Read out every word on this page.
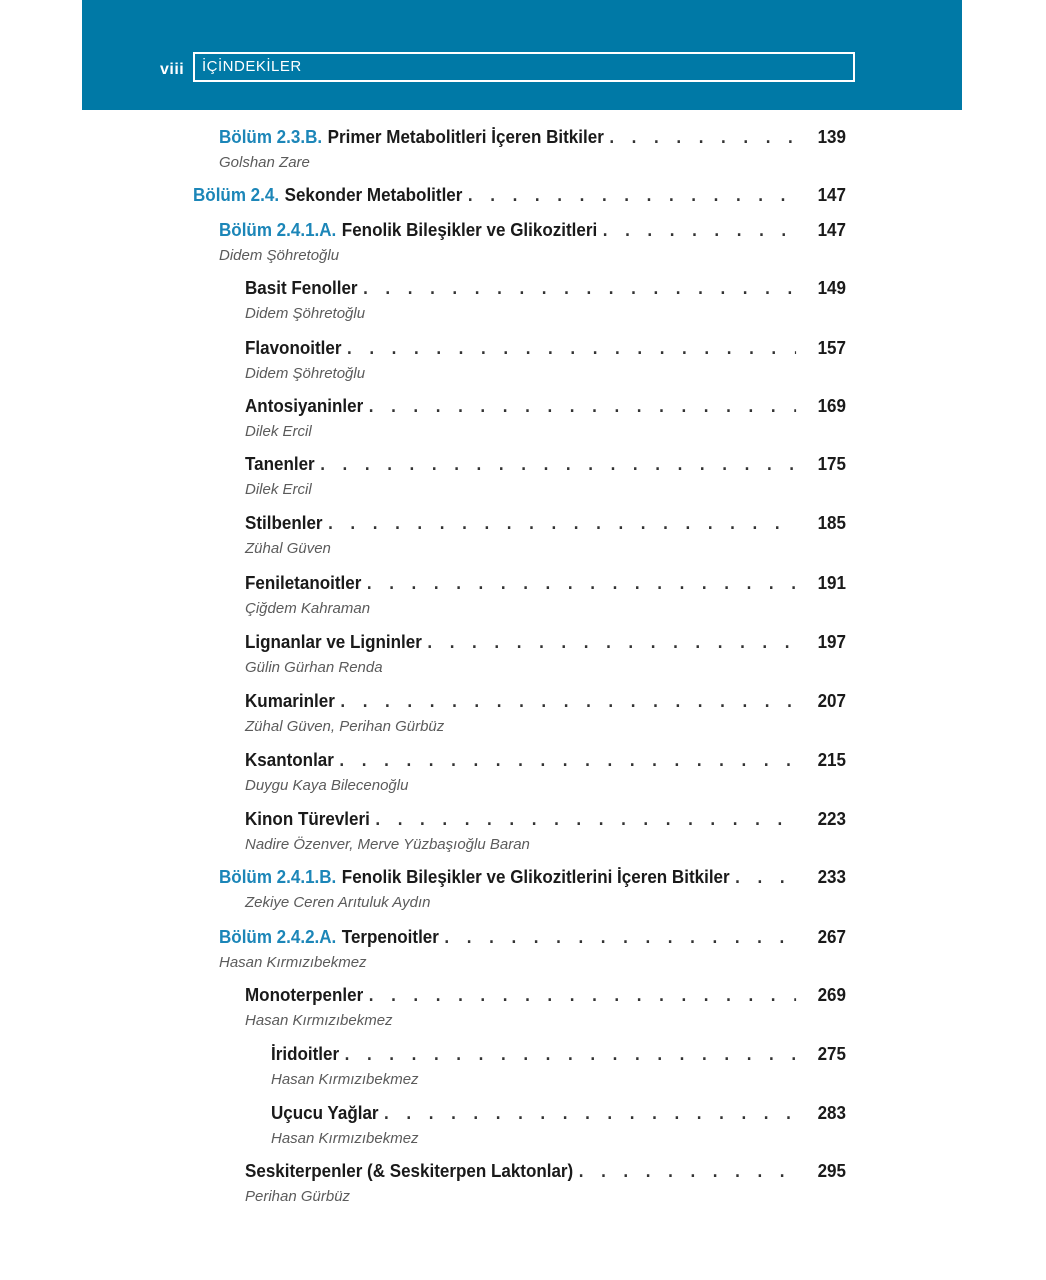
viii İÇİNDEKİLER
Bölüm 2.3.B. Primer Metabolitleri İçeren Bitkiler . . .	139
Golshan Zare
Bölüm 2.4. Sekonder Metabolitler . . .	147
Bölüm 2.4.1.A. Fenolik Bileşikler ve Glikozitleri . . .	147
Didem Şöhretoğlu
Basit Fenoller . . .	149
Didem Şöhretoğlu
Flavonoitler . . .	157
Didem Şöhretoğlu
Antosiyaninler . . .	169
Dilek Ercil
Tanenler . . .	175
Dilek Ercil
Stilbenler . . .	185
Zühal Güven
Feniletanoitler . . .	191
Çiğdem Kahraman
Lignanlar ve Ligninler . . .	197
Gülin Gürhan Renda
Kumarinler . . .	207
Zühal Güven, Perihan Gürbüz
Ksantonlar . . .	215
Duygu Kaya Bilecenoğlu
Kinon Türevleri . . .	223
Nadire Özenver, Merve Yüzbaşıoğlu Baran
Bölüm 2.4.1.B. Fenolik Bileşikler ve Glikozitlerini İçeren Bitkiler . . .	233
Zekiye Ceren Arıtuluk Aydın
Bölüm 2.4.2.A. Terpenoitler . . .	267
Hasan Kırmızıbekmez
Monoterpenler . . .	269
Hasan Kırmızıbekmez
İridoitler . . .	275
Hasan Kırmızıbekmez
Uçucu Yağlar . . .	283
Hasan Kırmızıbekmez
Seskiterpenler (& Seskiterpen Laktonlar) . . .	295
Perihan Gürbüz
